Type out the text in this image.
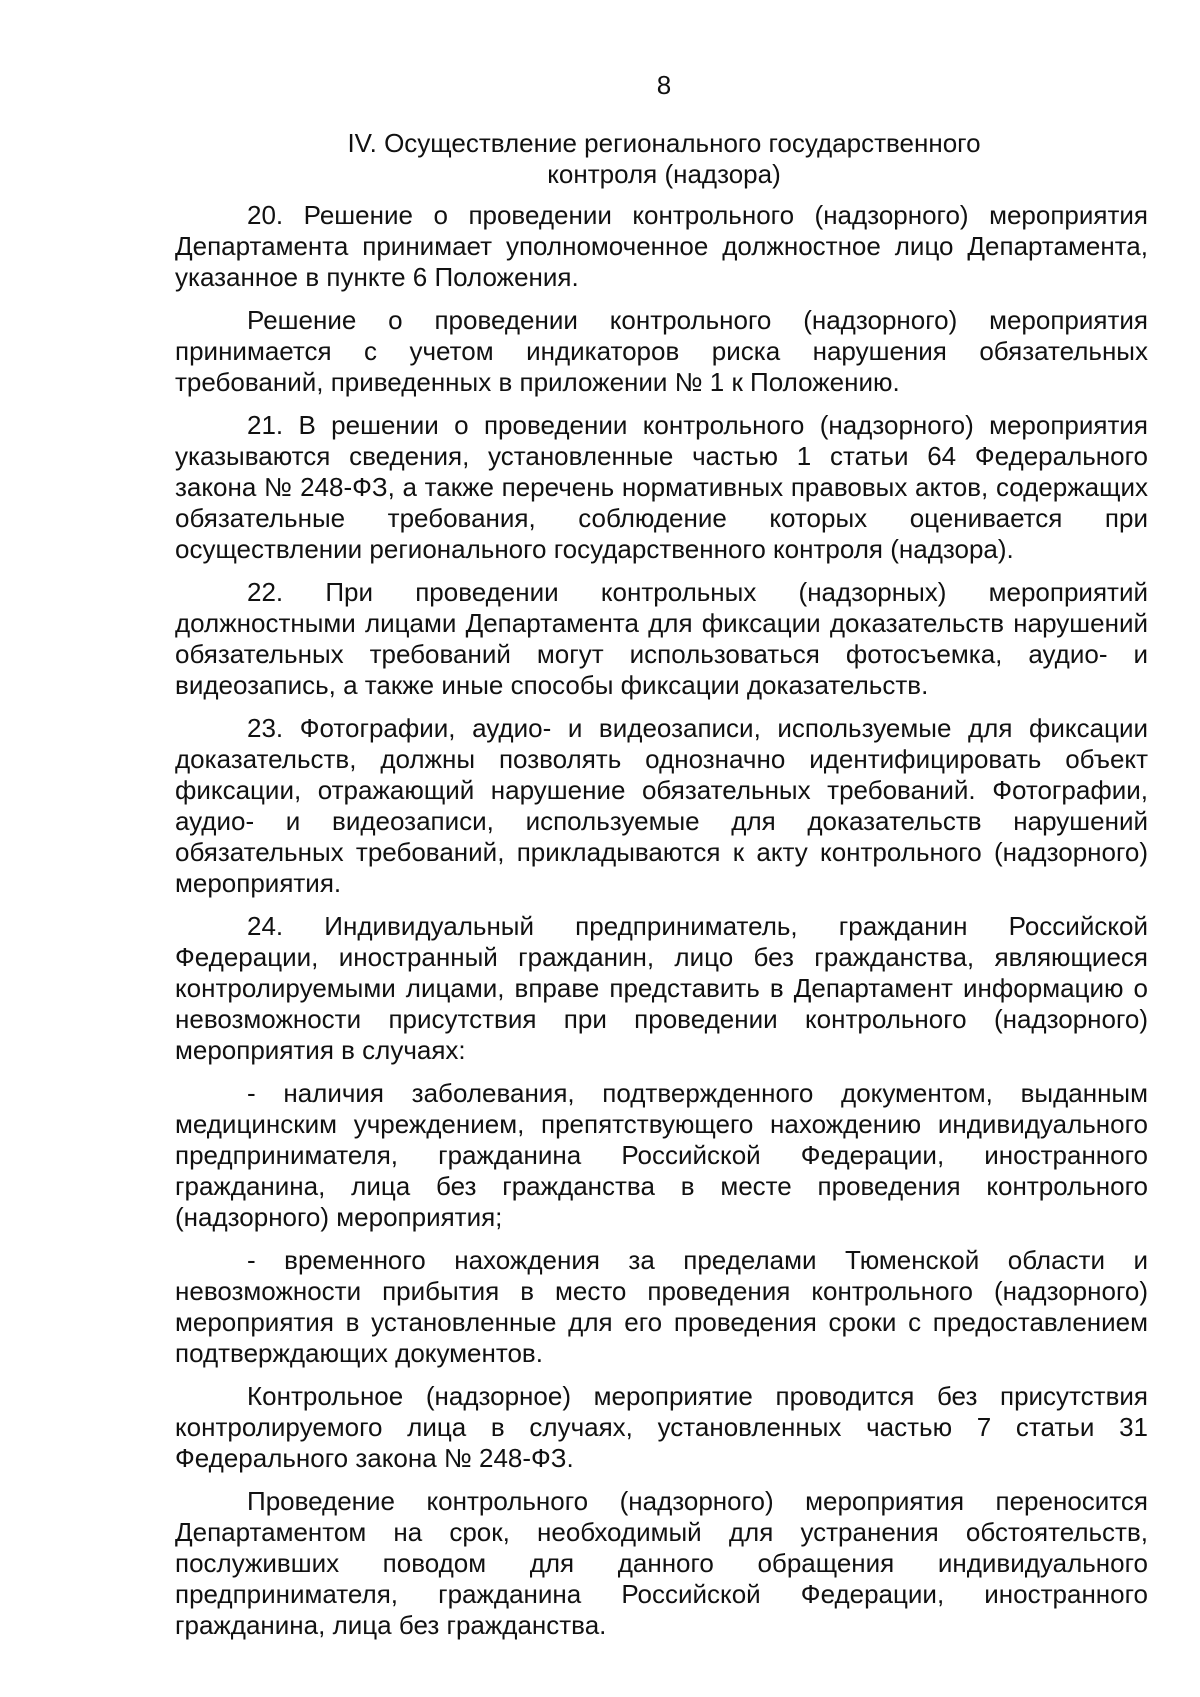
8
IV. Осуществление регионального государственного
контроля (надзора)

20. Решение о проведении контрольного (надзорного) мероприятия Департамента принимает уполномоченное должностное лицо Департамента, указанное в пункте 6 Положения.

Решение о проведении контрольного (надзорного) мероприятия принимается с учетом индикаторов риска нарушения обязательных требований, приведенных в приложении № 1 к Положению.

21. В решении о проведении контрольного (надзорного) мероприятия указываются сведения, установленные частью 1 статьи 64 Федерального закона № 248-ФЗ, а также перечень нормативных правовых актов, содержащих обязательные требования, соблюдение которых оценивается при осуществлении регионального государственного контроля (надзора).

22. При проведении контрольных (надзорных) мероприятий должностными лицами Департамента для фиксации доказательств нарушений обязательных требований могут использоваться фотосъемка, аудио- и видеозапись, а также иные способы фиксации доказательств.

23. Фотографии, аудио- и видеозаписи, используемые для фиксации доказательств, должны позволять однозначно идентифицировать объект фиксации, отражающий нарушение обязательных требований. Фотографии, аудио- и видеозаписи, используемые для доказательств нарушений обязательных требований, прикладываются к акту контрольного (надзорного) мероприятия.

24. Индивидуальный предприниматель, гражданин Российской Федерации, иностранный гражданин, лицо без гражданства, являющиеся контролируемыми лицами, вправе представить в Департамент информацию о невозможности присутствия при проведении контрольного (надзорного) мероприятия в случаях:

- наличия заболевания, подтвержденного документом, выданным медицинским учреждением, препятствующего нахождению индивидуального предпринимателя, гражданина Российской Федерации, иностранного гражданина, лица без гражданства в месте проведения контрольного (надзорного) мероприятия;

- временного нахождения за пределами Тюменской области и невозможности прибытия в место проведения контрольного (надзорного) мероприятия в установленные для его проведения сроки с предоставлением подтверждающих документов.

Контрольное (надзорное) мероприятие проводится без присутствия контролируемого лица в случаях, установленных частью 7 статьи 31 Федерального закона № 248-ФЗ.

Проведение контрольного (надзорного) мероприятия переносится Департаментом на срок, необходимый для устранения обстоятельств, послуживших поводом для данного обращения индивидуального предпринимателя, гражданина Российской Федерации, иностранного гражданина, лица без гражданства.
